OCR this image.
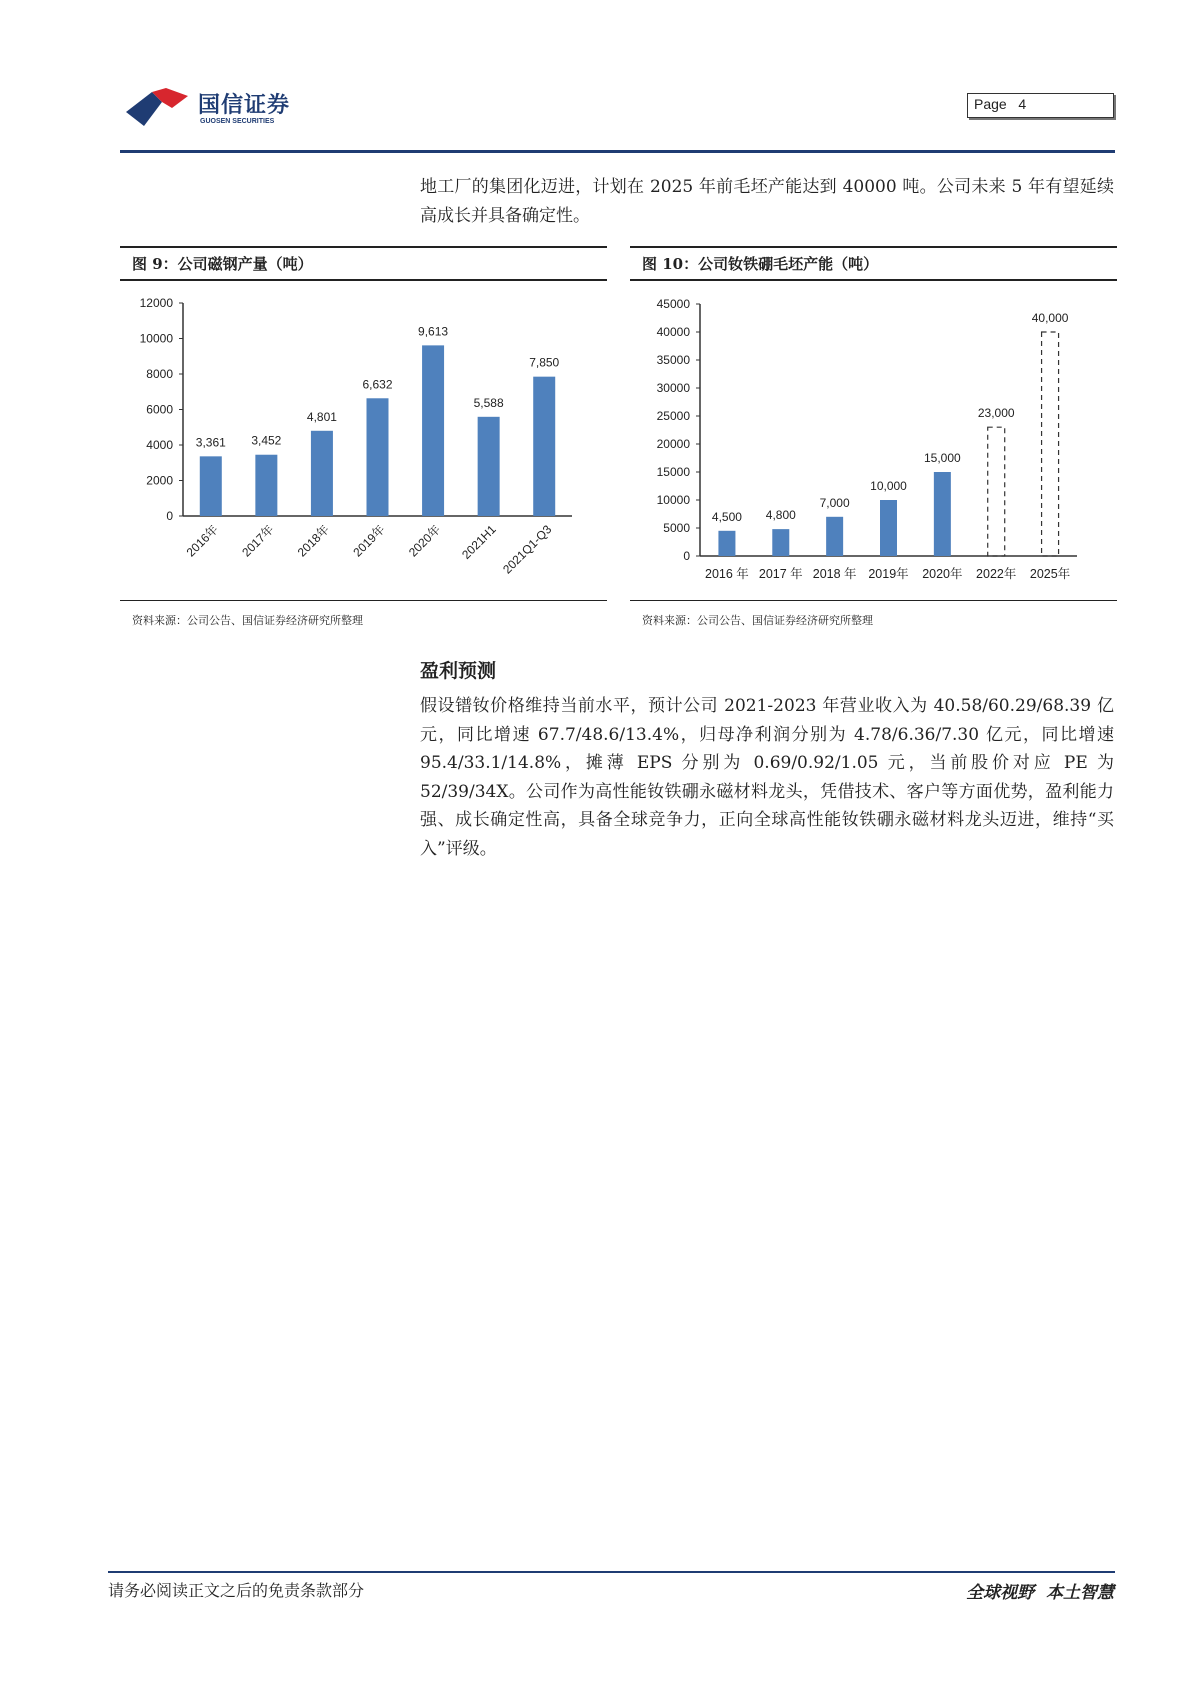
国信证券
GUOSEN SECURITIES
Page 4
地工厂的集团化迈进，计划在 2025 年前毛坯产能达到 40000 吨。公司未来 5 年有望延续高成长并具备确定性。
图 9：公司磁钢产量（吨）
0
2000
4000
6000
8000
10000
12000
3,361
2016年
3,452
2017年
4,801
2018年
6,632
2019年
9,613
2020年
5,588
2021H1
7,850
2021Q1-Q3
资料来源：公司公告、国信证券经济研究所整理
图 10：公司钕铁硼毛坯产能（吨）
0
5000
10000
15000
20000
25000
30000
35000
40000
45000
4,500
2016 年
4,800
2017 年
7,000
2018 年
10,000
2019年
15,000
2020年
23,000
2022年
40,000
2025年
资料来源：公司公告、国信证券经济研究所整理
盈利预测
假设镨钕价格维持当前水平，预计公司 2021-2023 年营业收入为 40.58/60.29/68.39 亿元，同比增速 67.7/48.6/13.4%，归母净利润分别为 4.78/6.36/7.30 亿元，同比增速 95.4/33.1/14.8%，摊薄 EPS 分别为 0.69/0.92/1.05 元，当前股价对应 PE 为 52/39/34X。公司作为高性能钕铁硼永磁材料龙头，凭借技术、客户等方面优势，盈利能力强、成长确定性高，具备全球竞争力，正向全球高性能钕铁硼永磁材料龙头迈进，维持“买入”评级。
请务必阅读正文之后的免责条款部分	全球视野  本土智慧
